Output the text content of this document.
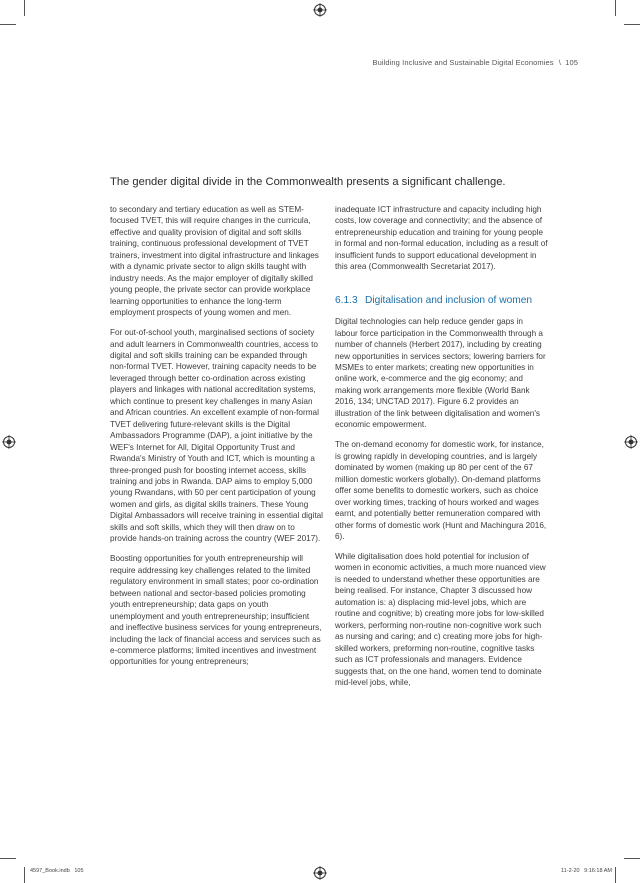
Building Inclusive and Sustainable Digital Economies \ 105
The gender digital divide in the Commonwealth presents a significant challenge.

to secondary and tertiary education as well as STEM-focused TVET, this will require changes in the curricula, effective and quality provision of digital and soft skills training, continuous professional development of TVET trainers, investment into digital infrastructure and linkages with a dynamic private sector to align skills taught with industry needs. As the major employer of digitally skilled young people, the private sector can provide workplace learning opportunities to enhance the long-term employment prospects of young women and men.

For out-of-school youth, marginalised sections of society and adult learners in Commonwealth countries, access to digital and soft skills training can be expanded through non-formal TVET. However, training capacity needs to be leveraged through better co-ordination across existing players and linkages with national accreditation systems, which continue to present key challenges in many Asian and African countries. An excellent example of non-formal TVET delivering future-relevant skills is the Digital Ambassadors Programme (DAP), a joint initiative by the WEF's Internet for All, Digital Opportunity Trust and Rwanda's Ministry of Youth and ICT, which is mounting a three-pronged push for boosting internet access, skills training and jobs in Rwanda. DAP aims to employ 5,000 young Rwandans, with 50 per cent participation of young women and girls, as digital skills trainers. These Young Digital Ambassadors will receive training in essential digital skills and soft skills, which they will then draw on to provide hands-on training across the country (WEF 2017).

Boosting opportunities for youth entrepreneurship will require addressing key challenges related to the limited regulatory environment in small states; poor co-ordination between national and sector-based policies promoting youth entrepreneurship; data gaps on youth unemployment and youth entrepreneurship; insufficient and ineffective business services for young entrepreneurs, including the lack of financial access and services such as e-commerce platforms; limited incentives and investment opportunities for young entrepreneurs;

inadequate ICT infrastructure and capacity including high costs, low coverage and connectivity; and the absence of entrepreneurship education and training for young people in formal and non-formal education, including as a result of insufficient funds to support educational development in this area (Commonwealth Secretariat 2017).

6.1.3 Digitalisation and inclusion of women

Digital technologies can help reduce gender gaps in labour force participation in the Commonwealth through a number of channels (Herbert 2017), including by creating new opportunities in services sectors; lowering barriers for MSMEs to enter markets; creating new opportunities in online work, e-commerce and the gig economy; and making work arrangements more flexible (World Bank 2016, 134; UNCTAD 2017). Figure 6.2 provides an illustration of the link between digitalisation and women's economic empowerment.

The on-demand economy for domestic work, for instance, is growing rapidly in developing countries, and is largely dominated by women (making up 80 per cent of the 67 million domestic workers globally). On-demand platforms offer some benefits to domestic workers, such as choice over working times, tracking of hours worked and wages earnt, and potentially better remuneration compared with other forms of domestic work (Hunt and Machingura 2016, 6).

While digitalisation does hold potential for inclusion of women in economic activities, a much more nuanced view is needed to understand whether these opportunities are being realised. For instance, Chapter 3 discussed how automation is: a) displacing mid-level jobs, which are routine and cognitive; b) creating more jobs for low-skilled workers, performing non-routine non-cognitive work such as nursing and caring; and c) creating more jobs for high-skilled workers, preforming non-routine, cognitive tasks such as ICT professionals and managers. Evidence suggests that, on the one hand, women tend to dominate mid-level jobs, while,

4597_Book.indb   105	11-2-20   9:16:18 AM
